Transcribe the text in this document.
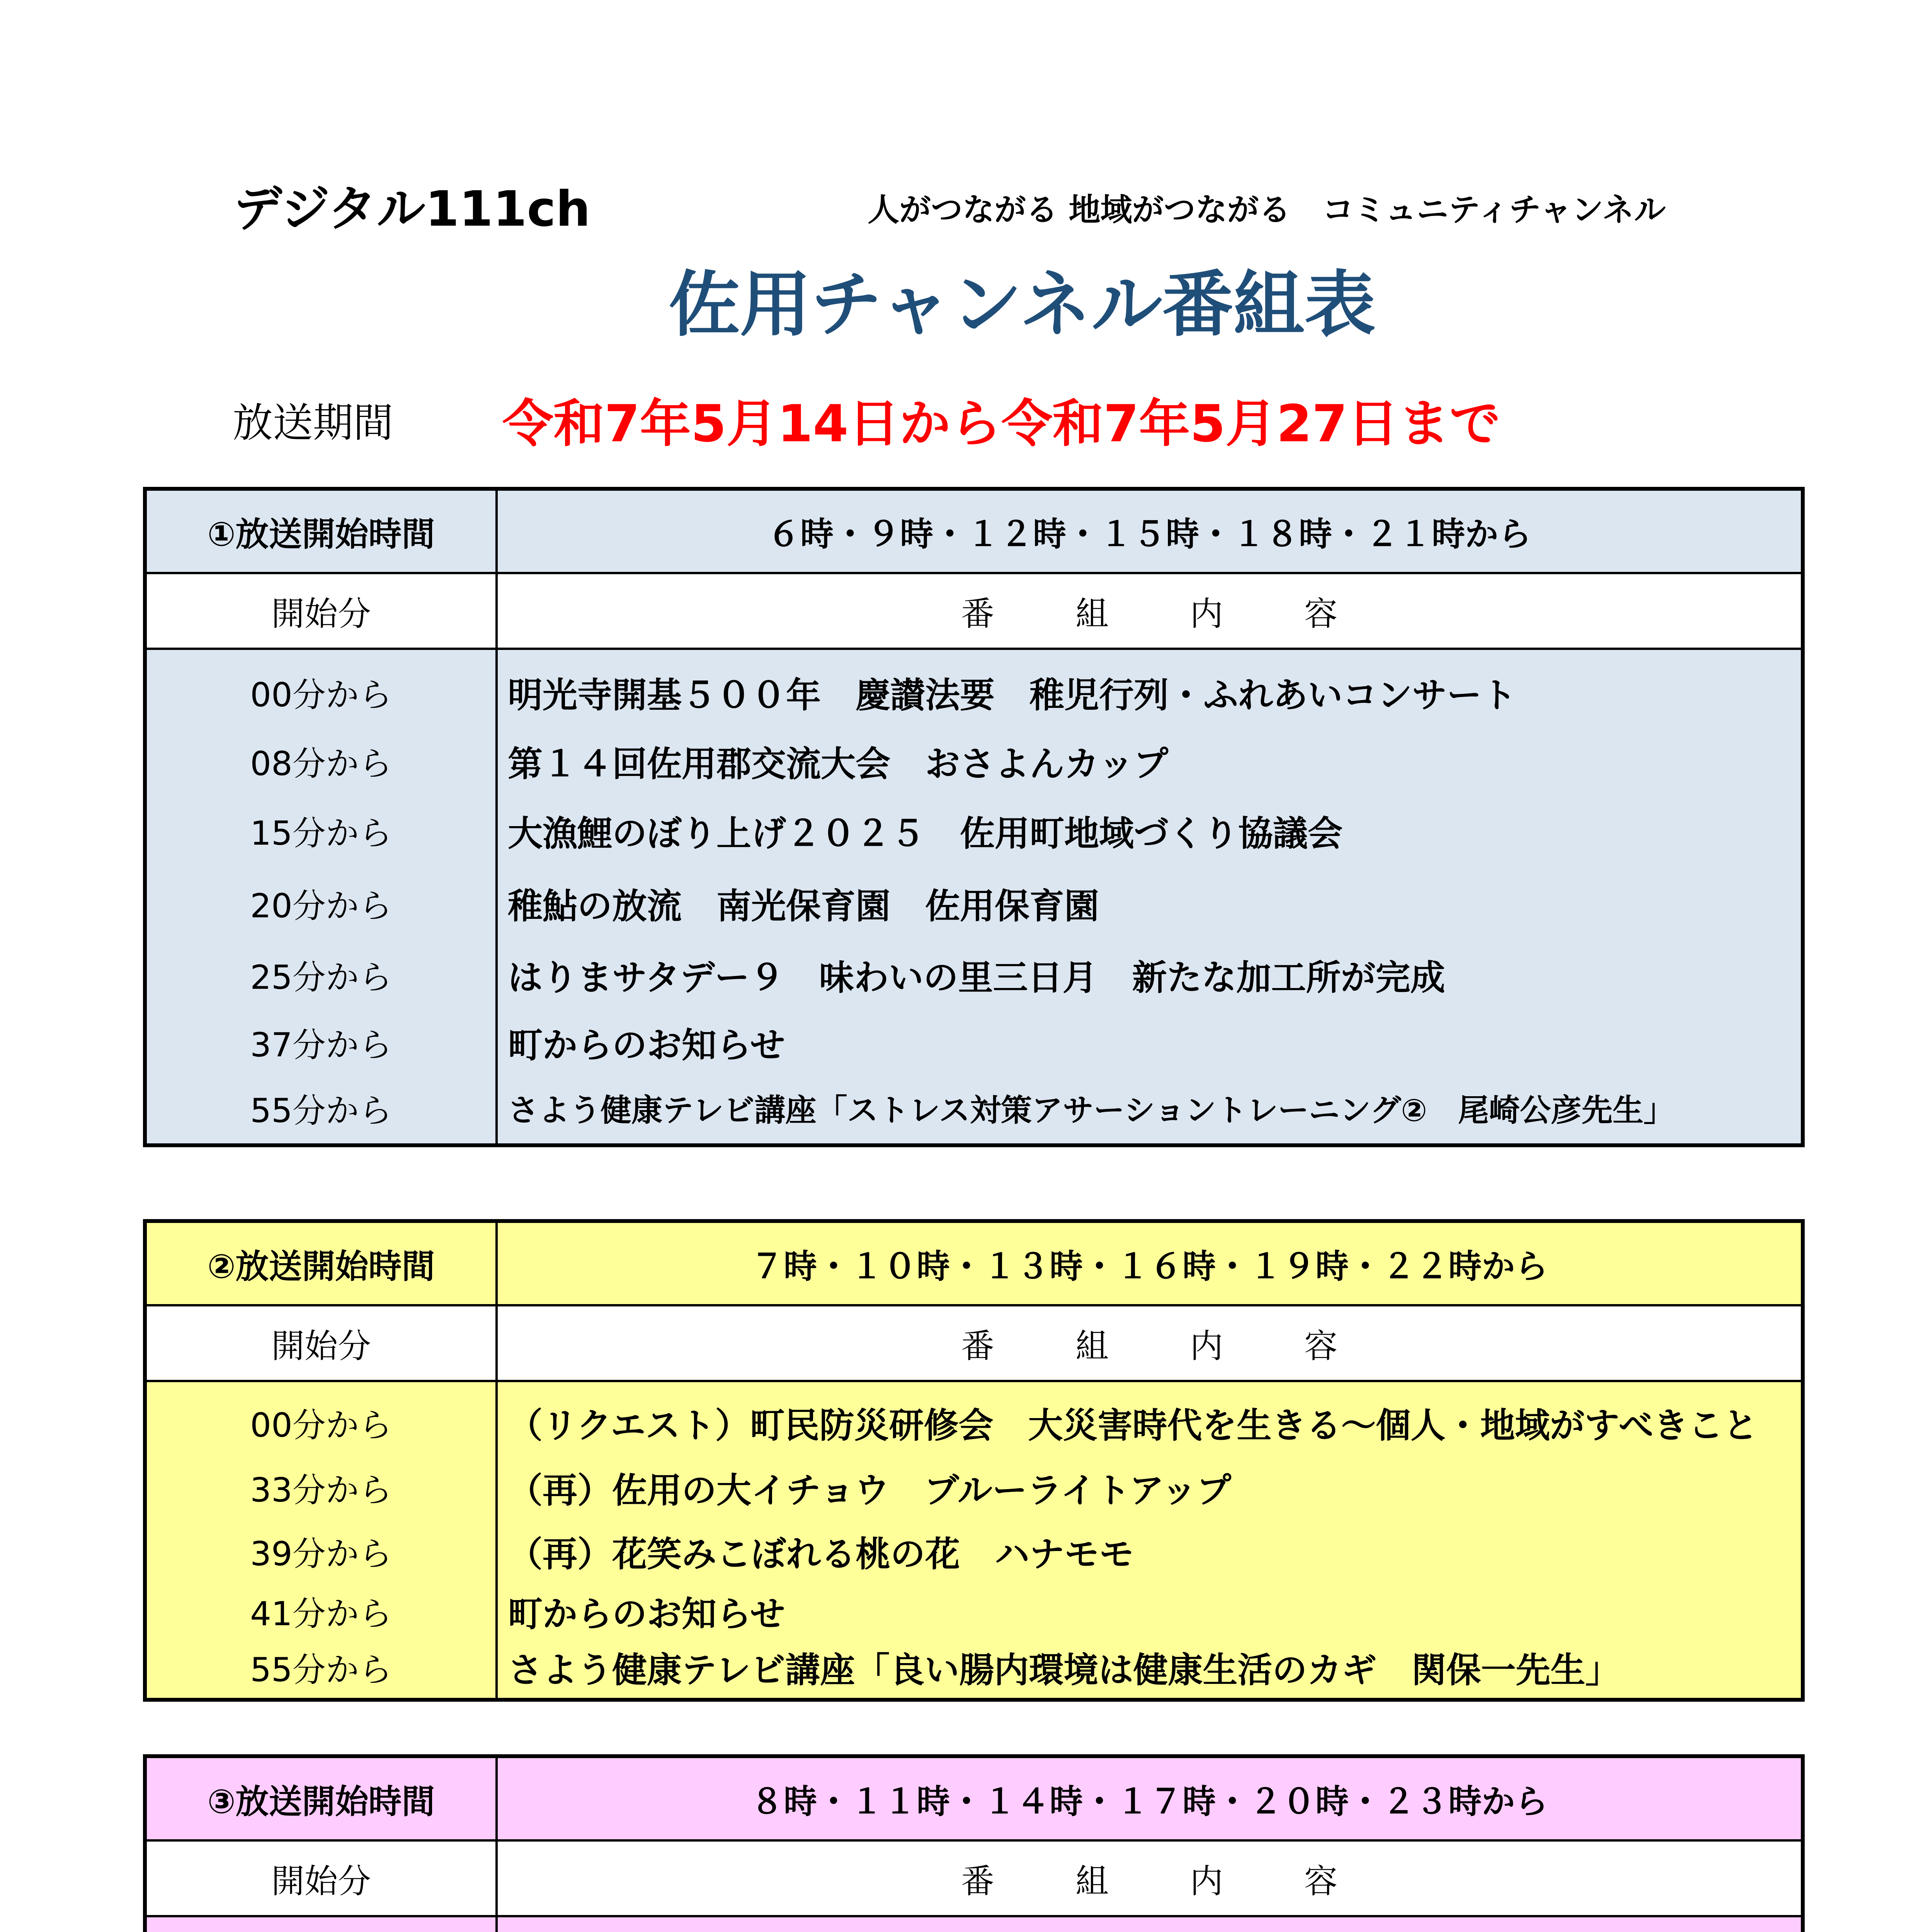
デジタル111ch	人がつながる 地域がつながる　コミュニティチャンネル
佐用チャンネル番組表
放送期間 令和7年5月14日から令和7年5月27日まで
①放送開始時間	６時・９時・１２時・１５時・１８時・２１時から
開始分	番組内容
00分から	明光寺開基５００年　慶讃法要　稚児行列・ふれあいコンサート
08分から	第１４回佐用郡交流大会　おさよんカップ
15分から	大漁鯉のぼり上げ２０２５　佐用町地域づくり協議会
20分から	稚鮎の放流　南光保育園　佐用保育園
25分から	はりまサタデー９　味わいの里三日月　新たな加工所が完成
37分から	町からのお知らせ
55分から	さよう健康テレビ講座「ストレス対策アサーショントレーニング②　尾崎公彦先生」
②放送開始時間	７時・１０時・１３時・１６時・１９時・２２時から
開始分	番組内容
00分から	（リクエスト）町民防災研修会　大災害時代を生きる～個人・地域がすべきこと
33分から	（再）佐用の大イチョウ　ブルーライトアップ
39分から	（再）花笑みこぼれる桃の花　ハナモモ
41分から	町からのお知らせ
55分から	さよう健康テレビ講座「良い腸内環境は健康生活のカギ　関保一先生」
③放送開始時間	８時・１１時・１４時・１７時・２０時・２３時から
開始分	番組内容
